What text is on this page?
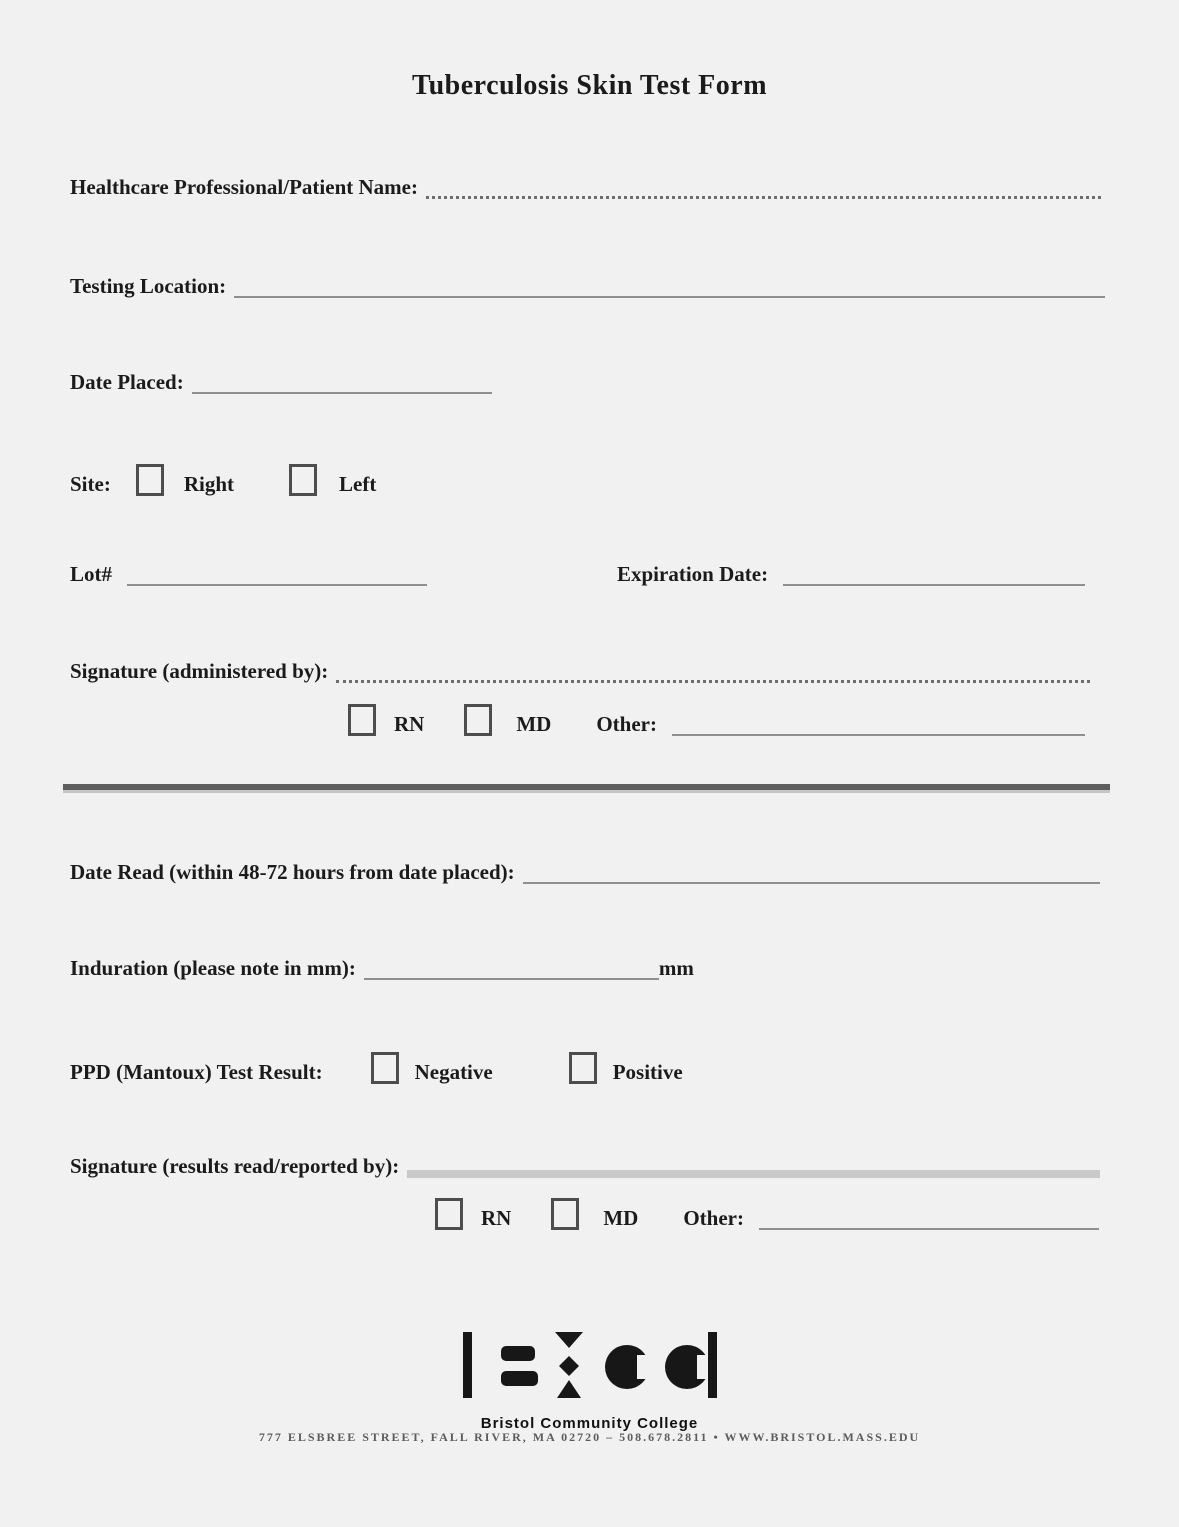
Tuberculosis Skin Test Form
Healthcare Professional/Patient Name:
Testing Location:
Date Placed:
Site:	Right	Left
Lot#	Expiration Date:
Signature (administered by):
RN	MD Other:
Date Read (within 48-72 hours from date placed):
Induration (please note in mm):	mm
PPD (Mantoux) Test Result:	Negative	Positive
Signature (results read/reported by):
RN	MD Other:
Bristol Community College
777 ELSBREE STREET, FALL RIVER, MA 02720 – 508.678.2811 • WWW.BRISTOL.MASS.EDU
